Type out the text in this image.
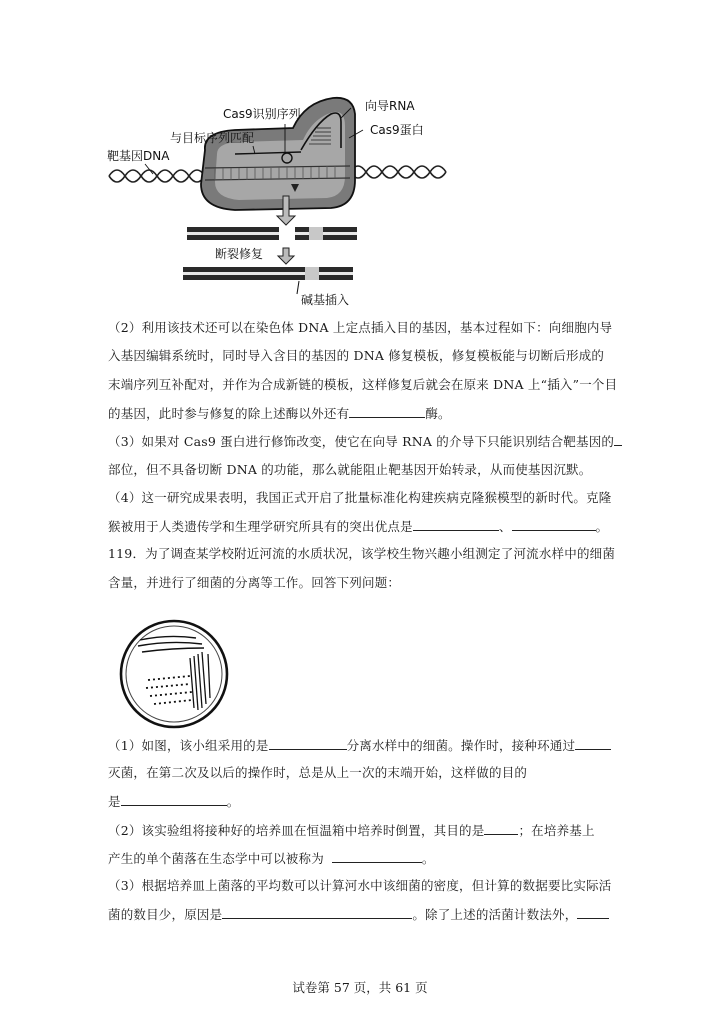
Cas9识别序列
向导RNA
与目标序列匹配
Cas9蛋白
靶基因DNA
断裂修复
碱基插入
（2）利用该技术还可以在染色体 DNA 上定点插入目的基因，基本过程如下：向细胞内导
入基因编辑系统时，同时导入含目的基因的 DNA 修复模板，修复模板能与切断后形成的
末端序列互补配对，并作为合成新链的模板，这样修复后就会在原来 DNA 上“插入”一个目
的基因，此时参与修复的除上述酶以外还有	酶。
（3）如果对 Cas9 蛋白进行修饰改变，使它在向导 RNA 的介导下只能识别结合靶基因的
部位，但不具备切断 DNA 的功能，那么就能阻止靶基因开始转录，从而使基因沉默。
（4）这一研究成果表明，我国正式开启了批量标准化构建疾病克隆猴模型的新时代。克隆
猴被用于人类遗传学和生理学研究所具有的突出优点是	、	。
119．为了调查某学校附近河流的水质状况，该学校生物兴趣小组测定了河流水样中的细菌
含量，并进行了细菌的分离等工作。回答下列问题：
（1）如图，该小组采用的是	分离水样中的细菌。操作时，接种环通过
灭菌，在第二次及以后的操作时，总是从上一次的末端开始，这样做的目的
是	。
（2）该实验组将接种好的培养皿在恒温箱中培养时倒置，其目的是	；在培养基上
产生的单个菌落在生态学中可以被称为	。
（3）根据培养皿上菌落的平均数可以计算河水中该细菌的密度，但计算的数据要比实际活
菌的数目少，原因是	。除了上述的活菌计数法外，
试卷第 57 页，共 61 页
